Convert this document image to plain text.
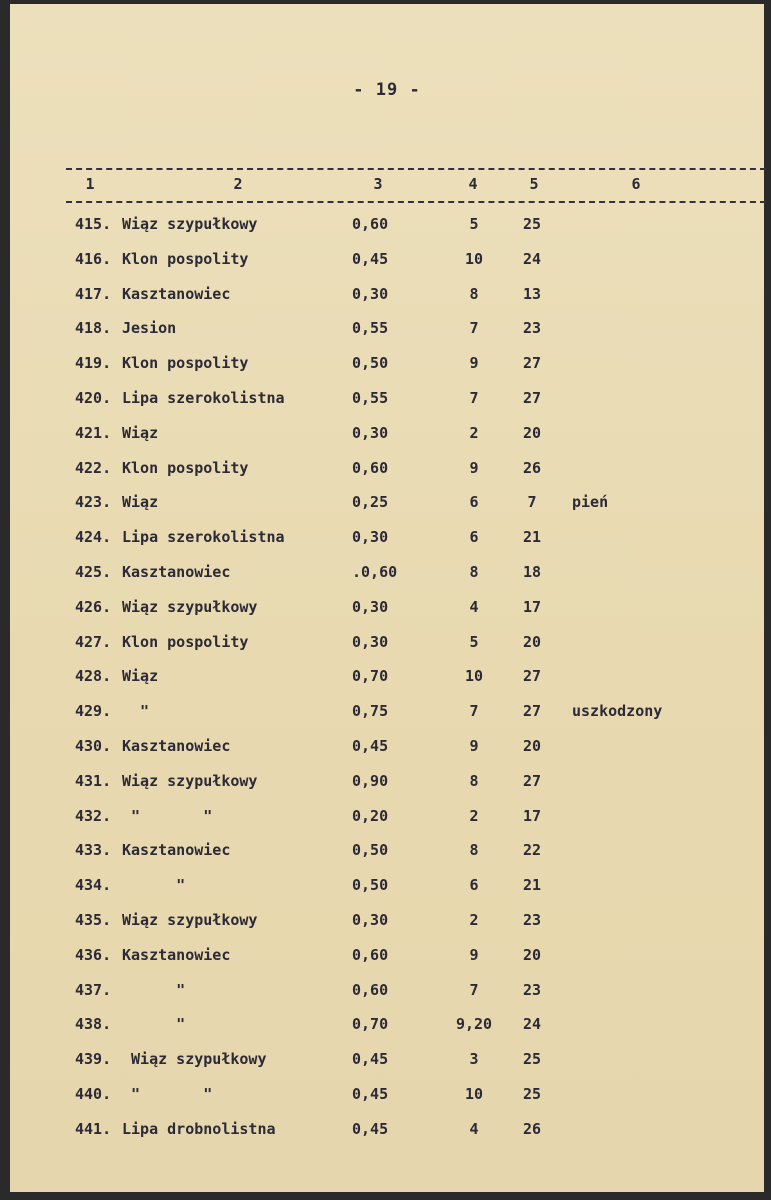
- 19 -
1	2	3	4	5	6
415. Wiąz szypułkowy	0,60	5	25
416. Klon pospolity	0,45	10	24
417. Kasztanowiec	0,30	8	13
418. Jesion	0,55	7	23
419. Klon pospolity	0,50	9	27
420. Lipa szerokolistna	0,55	7	27
421. Wiąz	0,30	2	20
422. Klon pospolity	0,60	9	26
423. Wiąz	0,25	6	7	pień
424. Lipa szerokolistna	0,30	6	21
425. Kasztanowiec	.0,60	8	18
426. Wiąz szypułkowy	0,30	4	17
427. Klon pospolity	0,30	5	20
428. Wiąz	0,70	10	27
429. "	0,75	7	27	uszkodzony
430. Kasztanowiec	0,45	9	20
431. Wiąz szypułkowy	0,90	8	27
432. "       "	0,20	2	17
433. Kasztanowiec	0,50	8	22
434. "	0,50	6	21
435. Wiąz szypułkowy	0,30	2	23
436. Kasztanowiec	0,60	9	20
437. "	0,60	7	23
438. "	0,70	9,20	24
439. Wiąz szypułkowy	0,45	3	25
440. "       "	0,45	10	25
441. Lipa drobnolistna	0,45	4	26
